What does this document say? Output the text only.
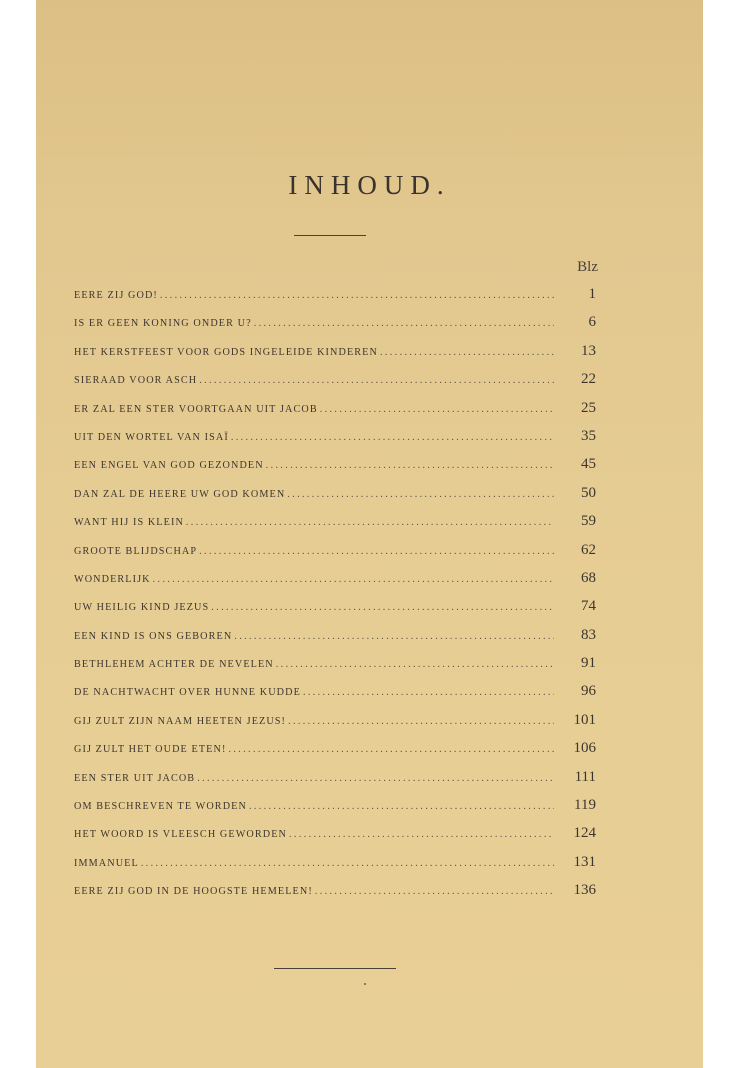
INHOUD.
Blz
EERE ZIJ GOD! .....	1
IS ER GEEN KONING ONDER U? .....	6
HET KERSTFEEST VOOR GODS INGELEIDE KINDEREN .....	13
SIERAAD VOOR ASCH .....	22
ER ZAL EEN STER VOORTGAAN UIT JACOB .....	25
UIT DEN WORTEL VAN ISAÏ .....	35
EEN ENGEL VAN GOD GEZONDEN .....	45
DAN ZAL DE HEERE UW GOD KOMEN .....	50
WANT HIJ IS KLEIN .....	59
GROOTE BLIJDSCHAP .....	62
WONDERLIJK .....	68
UW HEILIG KIND JEZUS .....	74
EEN KIND IS ONS GEBOREN .....	83
BETHLEHEM ACHTER DE NEVELEN .....	91
DE NACHTWACHT OVER HUNNE KUDDE .....	96
GIJ ZULT ZIJN NAAM HEETEN JEZUS! .....	101
GIJ ZULT HET OUDE ETEN! .....	106
EEN STER UIT JACOB .....	111
OM BESCHREVEN TE WORDEN .....	119
HET WOORD IS VLEESCH GEWORDEN .....	124
IMMANUEL .....	131
EERE ZIJ GOD IN DE HOOGSTE HEMELEN! .....	136
